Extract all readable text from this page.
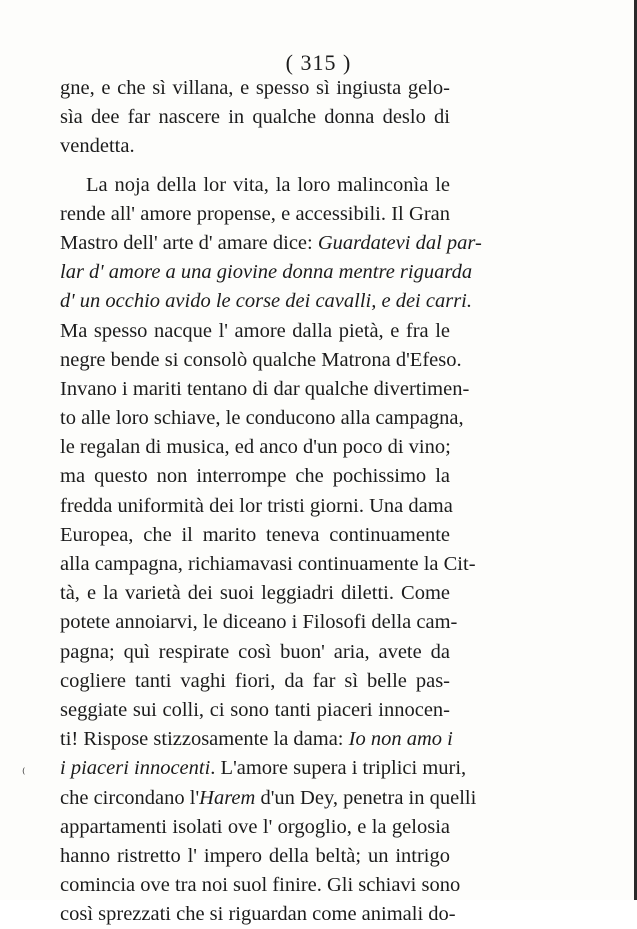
( 315 )
gne, e che sì villana, e spesso sì ingiusta gelo-
sìa dee far nascere in qualche donna deslo di
vendetta.
La noja della lor vita, la loro malinconìa le
rende all' amore propense, e accessibili. Il Gran
Mastro dell' arte d' amare dice: Guardatevi dal par-
lar d' amore a una giovine donna mentre riguarda
d' un occhio avido le corse dei cavalli, e dei carri.
Ma spesso nacque l' amore dalla pietà, e fra le
negre bende si consolò qualche Matrona d'Efeso.
Invano i mariti tentano di dar qualche divertimen-
to alle loro schiave, le conducono alla campagna,
le regalan di musica, ed anco d'un poco di vino;
ma questo non interrompe che pochissimo la
fredda uniformità dei lor tristi giorni. Una dama
Europea, che il marito teneva continuamente
alla campagna, richiamavasi continuamente la Cit-
tà, e la varietà dei suoi leggiadri diletti. Come
potete annoiarvi, le diceano i Filosofi della cam-
pagna; quì respirate così buon' aria, avete da
cogliere tanti vaghi fiori, da far sì belle pas-
seggiate sui colli, ci sono tanti piaceri innocen-
ti! Rispose stizzosamente la dama: Io non amo i
i piaceri innocenti. L'amore supera i triplici muri,
che circondano l'Harem d'un Dey, penetra in quelli
appartamenti isolati ove l' orgoglio, e la gelosia
hanno ristretto l' impero della beltà; un intrigo
comincia ove tra noi suol finire. Gli schiavi sono
così sprezzati che si riguardan come animali do-
⁽
